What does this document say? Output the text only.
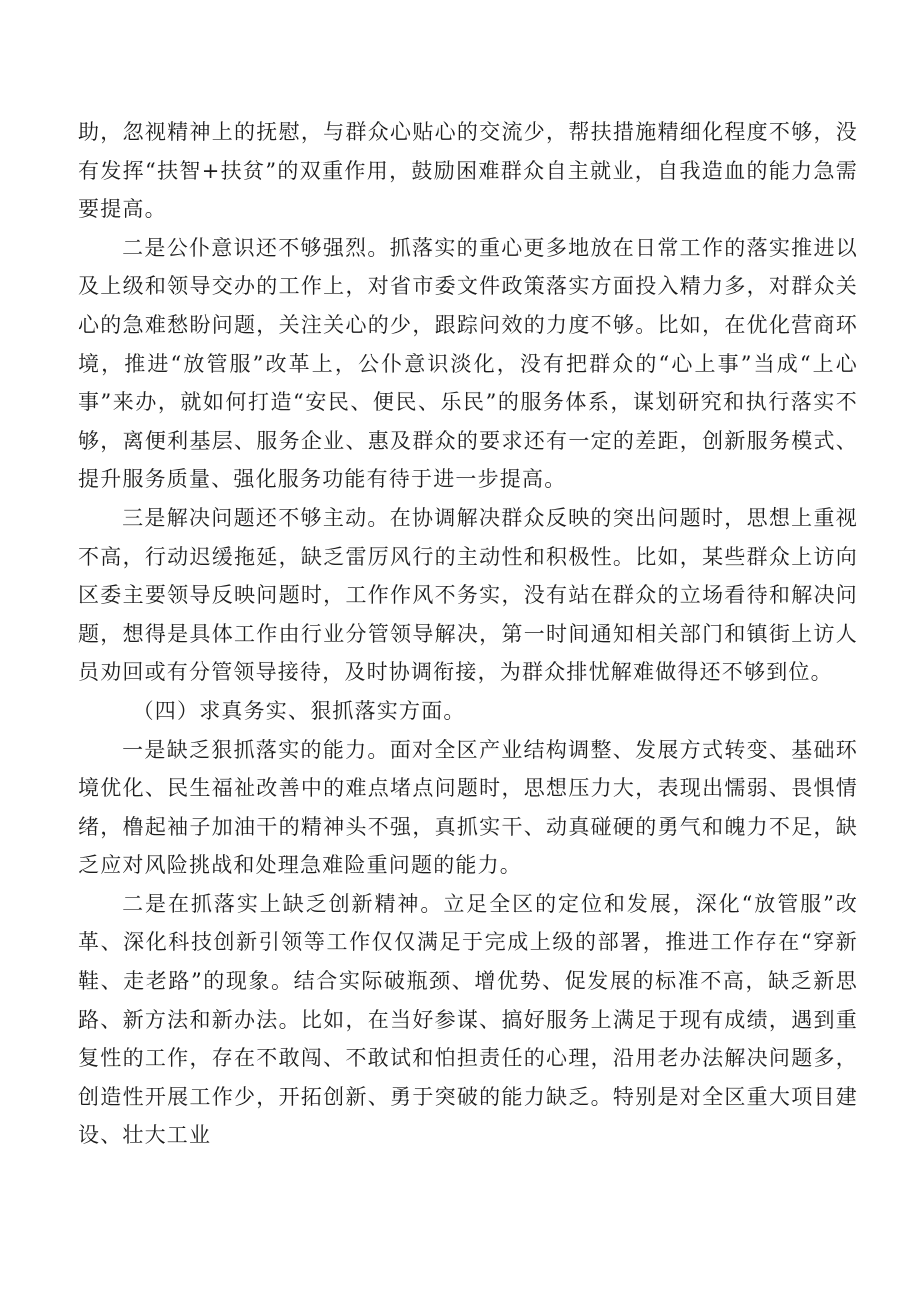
助，忽视精神上的抚慰，与群众心贴心的交流少，帮扶措施精细化程度不够，没有发挥“扶智+扶贫”的双重作用，鼓励困难群众自主就业，自我造血的能力急需要提高。

二是公仆意识还不够强烈。抓落实的重心更多地放在日常工作的落实推进以及上级和领导交办的工作上，对省市委文件政策落实方面投入精力多，对群众关心的急难愁盼问题，关注关心的少，跟踪问效的力度不够。比如，在优化营商环境，推进“放管服”改革上，公仆意识淡化，没有把群众的“心上事”当成“上心事”来办，就如何打造“安民、便民、乐民”的服务体系，谋划研究和执行落实不够，离便利基层、服务企业、惠及群众的要求还有一定的差距，创新服务模式、提升服务质量、强化服务功能有待于进一步提高。

三是解决问题还不够主动。在协调解决群众反映的突出问题时，思想上重视不高，行动迟缓拖延，缺乏雷厉风行的主动性和积极性。比如，某些群众上访向区委主要领导反映问题时，工作作风不务实，没有站在群众的立场看待和解决问题，想得是具体工作由行业分管领导解决，第一时间通知相关部门和镇街上访人员劝回或有分管领导接待，及时协调衔接，为群众排忧解难做得还不够到位。

（四）求真务实、狠抓落实方面。

一是缺乏狠抓落实的能力。面对全区产业结构调整、发展方式转变、基础环境优化、民生福祉改善中的难点堵点问题时，思想压力大，表现出懦弱、畏惧情绪，橹起袖子加油干的精神头不强，真抓实干、动真碰硬的勇气和魄力不足，缺乏应对风险挑战和处理急难险重问题的能力。

二是在抓落实上缺乏创新精神。立足全区的定位和发展，深化“放管服”改革、深化科技创新引领等工作仅仅满足于完成上级的部署，推进工作存在“穿新鞋、走老路”的现象。结合实际破瓶颈、增优势、促发展的标准不高，缺乏新思路、新方法和新办法。比如，在当好参谋、搞好服务上满足于现有成绩，遇到重复性的工作，存在不敢闯、不敢试和怕担责任的心理，沿用老办法解决问题多，创造性开展工作少，开拓创新、勇于突破的能力缺乏。特别是对全区重大项目建设、壮大工业
